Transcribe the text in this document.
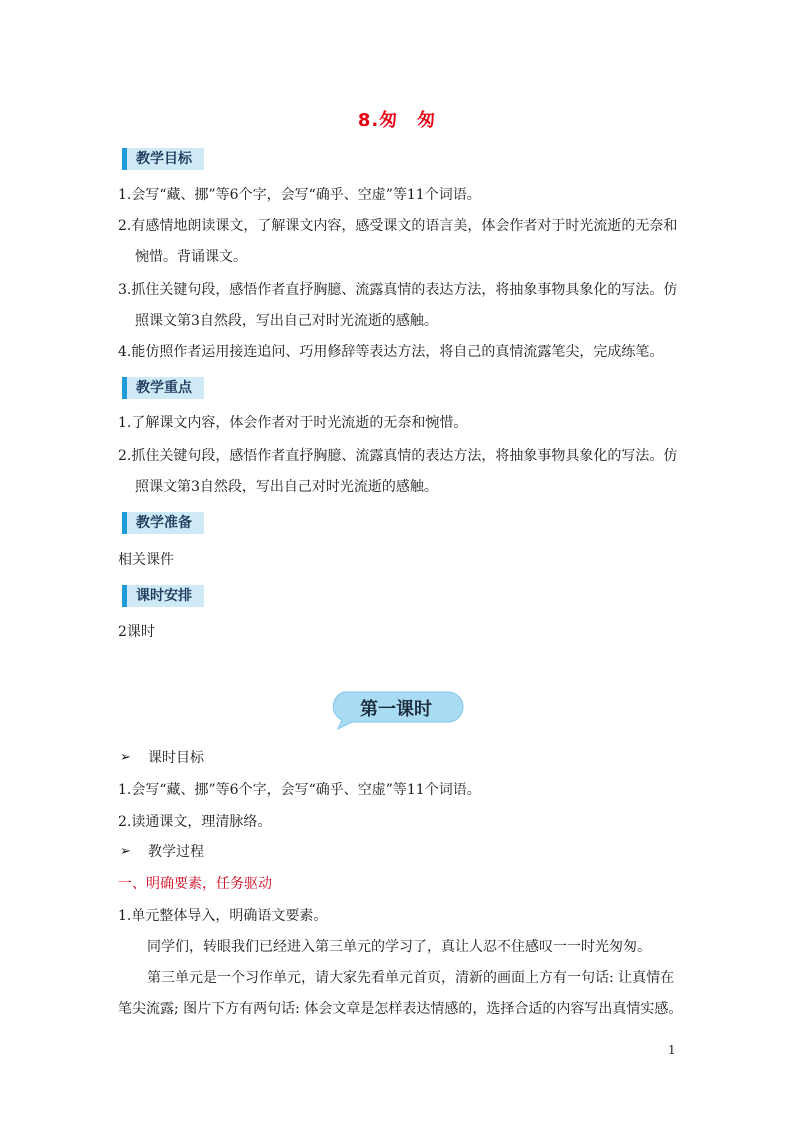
8.匆　匆
教学目标
1.会写“藏、挪”等6个字，会写“确乎、空虚”等11个词语。
2.有感情地朗读课文，了解课文内容，感受课文的语言美，体会作者对于时光流逝的无奈和
惋惜。背诵课文。
3.抓住关键句段，感悟作者直抒胸臆、流露真情的表达方法，将抽象事物具象化的写法。仿
照课文第3自然段，写出自己对时光流逝的感触。
4.能仿照作者运用接连追问、巧用修辞等表达方法，将自己的真情流露笔尖，完成练笔。
教学重点
1.了解课文内容，体会作者对于时光流逝的无奈和惋惜。
2.抓住关键句段，感悟作者直抒胸臆、流露真情的表达方法，将抽象事物具象化的写法。仿
照课文第3自然段，写出自己对时光流逝的感触。
教学准备
相关课件
课时安排
2课时
第一课时
➢ 课时目标
1.会写“藏、挪”等6个字，会写“确乎、空虚”等11个词语。
2.读通课文，理清脉络。
➢ 教学过程
一、明确要素，任务驱动
1.单元整体导入，明确语文要素。
同学们，转眼我们已经进入第三单元的学习了，真让人忍不住感叹一一时光匆匆。
第三单元是一个习作单元，请大家先看单元首页，清新的画面上方有一句话: 让真情在
笔尖流露; 图片下方有两句话: 体会文章是怎样表达情感的，选择合适的内容写出真情实感。
1
